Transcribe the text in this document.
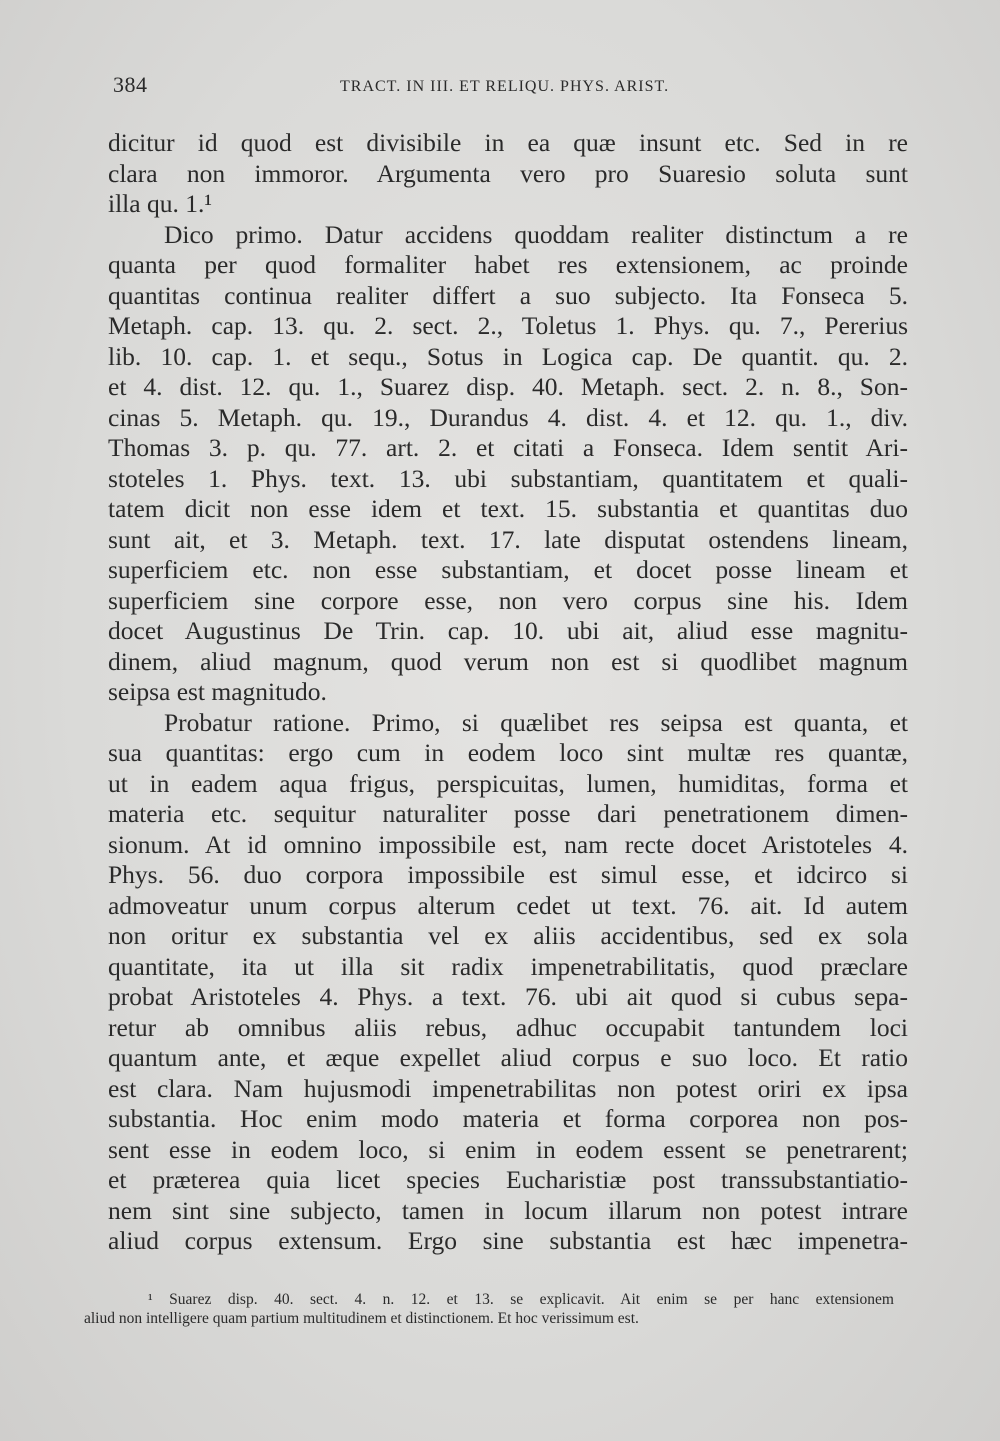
384	TRACT. IN III. ET RELIQU. PHYS. ARIST.
dicitur id quod est divisibile in ea quæ insunt etc. Sed in re
clara non immoror. Argumenta vero pro Suaresio soluta sunt
illa qu. 1.¹
Dico primo. Datur accidens quoddam realiter distinctum a re
quanta per quod formaliter habet res extensionem, ac proinde
quantitas continua realiter differt a suo subjecto. Ita Fonseca 5.
Metaph. cap. 13. qu. 2. sect. 2., Toletus 1. Phys. qu. 7., Pererius
lib. 10. cap. 1. et sequ., Sotus in Logica cap. De quantit. qu. 2.
et 4. dist. 12. qu. 1., Suarez disp. 40. Metaph. sect. 2. n. 8., Son-
cinas 5. Metaph. qu. 19., Durandus 4. dist. 4. et 12. qu. 1., div.
Thomas 3. p. qu. 77. art. 2. et citati a Fonseca. Idem sentit Ari-
stoteles 1. Phys. text. 13. ubi substantiam, quantitatem et quali-
tatem dicit non esse idem et text. 15. substantia et quantitas duo
sunt ait, et 3. Metaph. text. 17. late disputat ostendens lineam,
superficiem etc. non esse substantiam, et docet posse lineam et
superficiem sine corpore esse, non vero corpus sine his. Idem
docet Augustinus De Trin. cap. 10. ubi ait, aliud esse magnitu-
dinem, aliud magnum, quod verum non est si quodlibet magnum
seipsa est magnitudo.
Probatur ratione. Primo, si quælibet res seipsa est quanta, et
sua quantitas: ergo cum in eodem loco sint multæ res quantæ,
ut in eadem aqua frigus, perspicuitas, lumen, humiditas, forma et
materia etc. sequitur naturaliter posse dari penetrationem dimen-
sionum. At id omnino impossibile est, nam recte docet Aristoteles 4.
Phys. 56. duo corpora impossibile est simul esse, et idcirco si
admoveatur unum corpus alterum cedet ut text. 76. ait. Id autem
non oritur ex substantia vel ex aliis accidentibus, sed ex sola
quantitate, ita ut illa sit radix impenetrabilitatis, quod præclare
probat Aristoteles 4. Phys. a text. 76. ubi ait quod si cubus sepa-
retur ab omnibus aliis rebus, adhuc occupabit tantundem loci
quantum ante, et æque expellet aliud corpus e suo loco. Et ratio
est clara. Nam hujusmodi impenetrabilitas non potest oriri ex ipsa
substantia. Hoc enim modo materia et forma corporea non pos-
sent esse in eodem loco, si enim in eodem essent se penetrarent;
et præterea quia licet species Eucharistiæ post transsubstantiatio-
nem sint sine subjecto, tamen in locum illarum non potest intrare
aliud corpus extensum. Ergo sine substantia est hæc impenetra-
¹ Suarez disp. 40. sect. 4. n. 12. et 13. se explicavit. Ait enim se per hanc extensionem
aliud non intelligere quam partium multitudinem et distinctionem. Et hoc verissimum est.
